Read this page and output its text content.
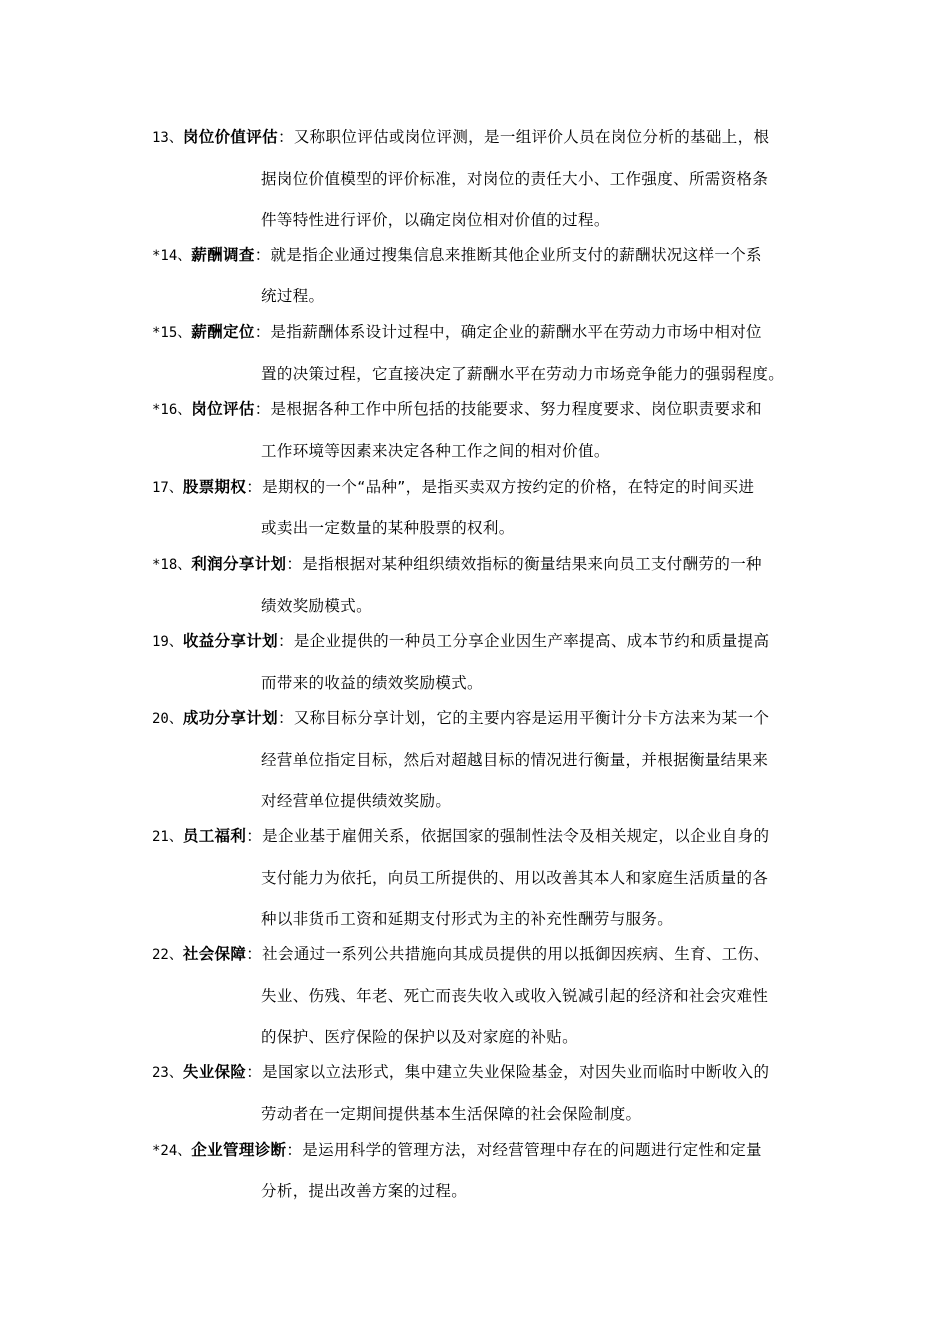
13、岗位价值评估：又称职位评估或岗位评测，是一组评价人员在岗位分析的基础上，根
据岗位价值模型的评价标准，对岗位的责任大小、工作强度、所需资格条
件等特性进行评价，以确定岗位相对价值的过程。
*14、薪酬调查：就是指企业通过搜集信息来推断其他企业所支付的薪酬状况这样一个系
统过程。
*15、薪酬定位：是指薪酬体系设计过程中，确定企业的薪酬水平在劳动力市场中相对位
置的决策过程，它直接决定了薪酬水平在劳动力市场竞争能力的强弱程度。
*16、岗位评估：是根据各种工作中所包括的技能要求、努力程度要求、岗位职责要求和
工作环境等因素来决定各种工作之间的相对价值。
17、股票期权：是期权的一个“品种”，是指买卖双方按约定的价格，在特定的时间买进
或卖出一定数量的某种股票的权利。
*18、利润分享计划：是指根据对某种组织绩效指标的衡量结果来向员工支付酬劳的一种
绩效奖励模式。
19、收益分享计划：是企业提供的一种员工分享企业因生产率提高、成本节约和质量提高
而带来的收益的绩效奖励模式。
20、成功分享计划：又称目标分享计划，它的主要内容是运用平衡计分卡方法来为某一个
经营单位指定目标，然后对超越目标的情况进行衡量，并根据衡量结果来
对经营单位提供绩效奖励。
21、员工福利：是企业基于雇佣关系，依据国家的强制性法令及相关规定，以企业自身的
支付能力为依托，向员工所提供的、用以改善其本人和家庭生活质量的各
种以非货币工资和延期支付形式为主的补充性酬劳与服务。
22、社会保障：社会通过一系列公共措施向其成员提供的用以抵御因疾病、生育、工伤、
失业、伤残、年老、死亡而丧失收入或收入锐减引起的经济和社会灾难性
的保护、医疗保险的保护以及对家庭的补贴。
23、失业保险：是国家以立法形式，集中建立失业保险基金，对因失业而临时中断收入的
劳动者在一定期间提供基本生活保障的社会保险制度。
*24、企业管理诊断：是运用科学的管理方法，对经营管理中存在的问题进行定性和定量
分析，提出改善方案的过程。
